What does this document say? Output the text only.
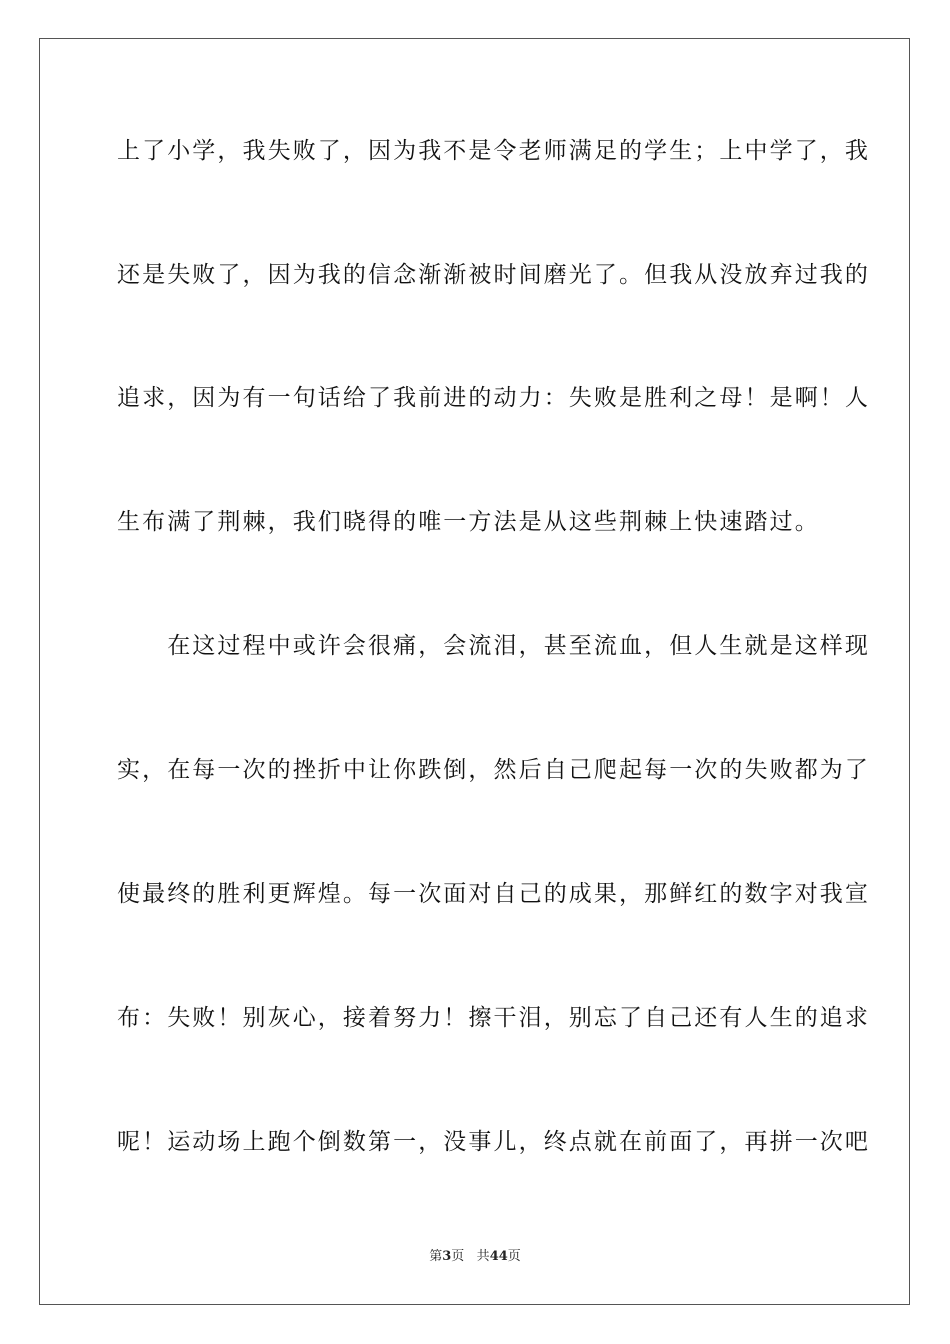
上了小学，我失败了，因为我不是令老师满足的学生；上中学了，我
还是失败了，因为我的信念渐渐被时间磨光了。但我从没放弃过我的
追求，因为有一句话给了我前进的动力：失败是胜利之母！是啊！人
生布满了荆棘，我们晓得的唯一方法是从这些荆棘上快速踏过。
　　在这过程中或许会很痛，会流泪，甚至流血，但人生就是这样现
实，在每一次的挫折中让你跌倒，然后自己爬起每一次的失败都为了
使最终的胜利更辉煌。每一次面对自己的成果，那鲜红的数字对我宣
布：失败！别灰心，接着努力！擦干泪，别忘了自己还有人生的追求
呢！运动场上跑个倒数第一，没事儿，终点就在前面了，再拼一次吧
第3页 共44页
